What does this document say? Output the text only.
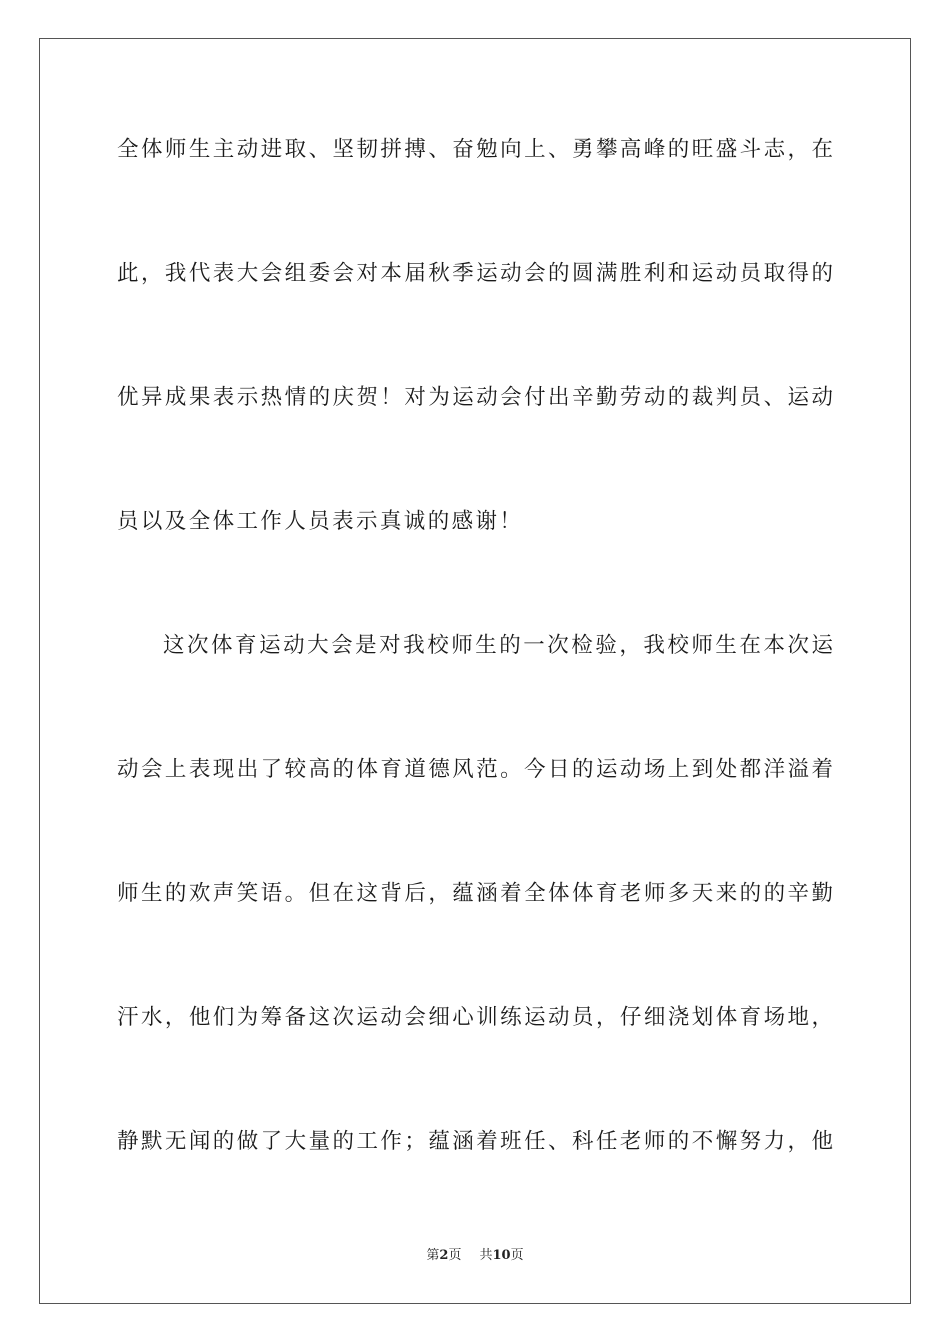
全体师生主动进取、坚韧拼搏、奋勉向上、勇攀高峰的旺盛斗志，在
此，我代表大会组委会对本届秋季运动会的圆满胜利和运动员取得的
优异成果表示热情的庆贺！对为运动会付出辛勤劳动的裁判员、运动
员以及全体工作人员表示真诚的感谢！
这次体育运动大会是对我校师生的一次检验，我校师生在本次运
动会上表现出了较高的体育道德风范。今日的运动场上到处都洋溢着
师生的欢声笑语。但在这背后，蕴涵着全体体育老师多天来的的辛勤
汗水，他们为筹备这次运动会细心训练运动员，仔细浇划体育场地，
静默无闻的做了大量的工作；蕴涵着班任、科任老师的不懈努力，他
第2页 共10页
